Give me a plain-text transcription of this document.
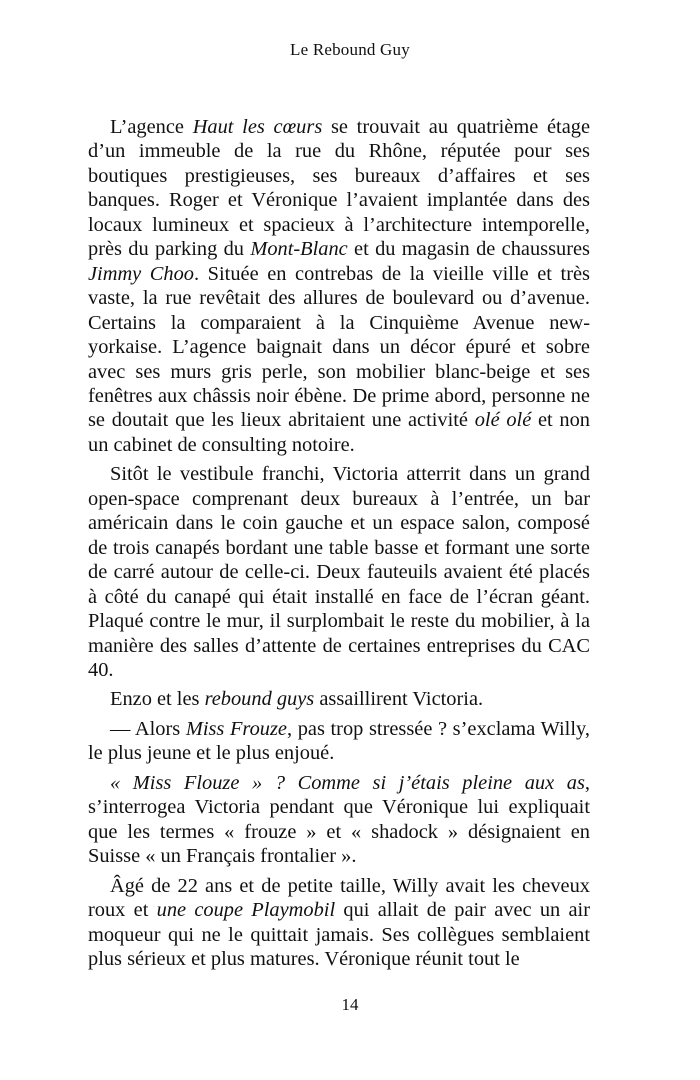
Le Rebound Guy

L’agence Haut les cœurs se trouvait au quatrième étage d’un immeuble de la rue du Rhône, réputée pour ses boutiques prestigieuses, ses bureaux d’affaires et ses banques. Roger et Véronique l’avaient implantée dans des locaux lumineux et spacieux à l’architecture intemporelle, près du parking du Mont-Blanc et du magasin de chaussures Jimmy Choo. Située en contrebas de la vieille ville et très vaste, la rue revêtait des allures de boulevard ou d’avenue. Certains la comparaient à la Cinquième Avenue new-yorkaise. L’agence baignait dans un décor épuré et sobre avec ses murs gris perle, son mobilier blanc-beige et ses fenêtres aux châssis noir ébène. De prime abord, personne ne se doutait que les lieux abritaient une activité olé olé et non un cabinet de consulting notoire.

Sitôt le vestibule franchi, Victoria atterrit dans un grand open-space comprenant deux bureaux à l’entrée, un bar américain dans le coin gauche et un espace salon, composé de trois canapés bordant une table basse et formant une sorte de carré autour de celle-ci. Deux fauteuils avaient été placés à côté du canapé qui était installé en face de l’écran géant. Plaqué contre le mur, il surplombait le reste du mobilier, à la manière des salles d’attente de certaines entreprises du CAC 40.

Enzo et les rebound guys assaillirent Victoria.

— Alors Miss Frouze, pas trop stressée ? s’exclama Willy, le plus jeune et le plus enjoué.

« Miss Flouze » ? Comme si j’étais pleine aux as, s’interrogea Victoria pendant que Véronique lui expliquait que les termes « frouze » et « shadock » désignaient en Suisse « un Français frontalier ».

Âgé de 22 ans et de petite taille, Willy avait les cheveux roux et une coupe Playmobil qui allait de pair avec un air moqueur qui ne le quittait jamais. Ses collègues semblaient plus sérieux et plus matures. Véronique réunit tout le

14
